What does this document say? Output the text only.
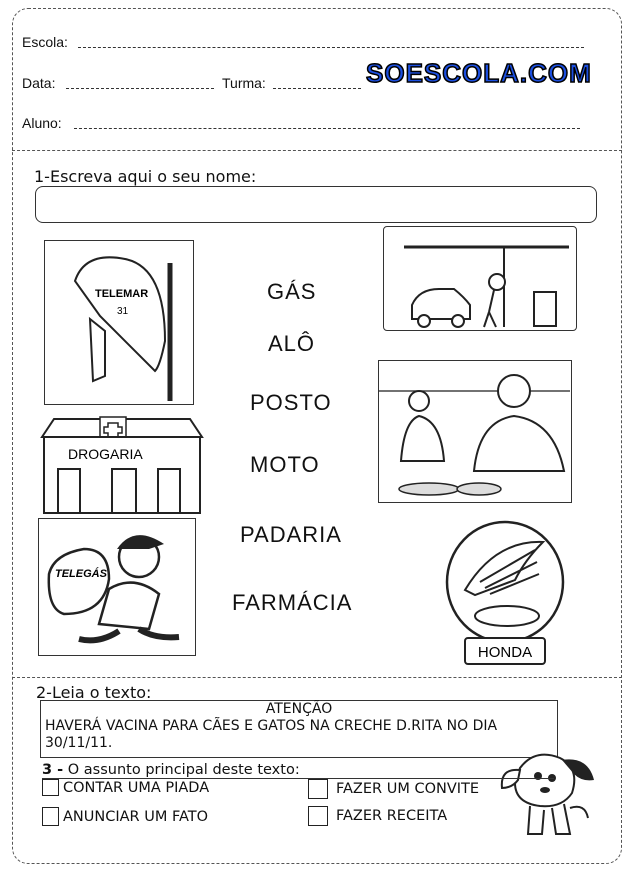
Escola:
Data:	Turma:	SOESCOLA.COM
Aluno:
1-Escreva aqui o seu nome:
TELEMAR
31
DROGARIA
TELEGÁS
HONDA
GÁS
ALÔ
POSTO
MOTO
PADARIA
FARMÁCIA
2-Leia o texto:
ATENÇÃO
HAVERÁ VACINA PARA CÃES E GATOS NA CRECHE D.RITA NO DIA 30/11/11.
3 - O assunto principal deste texto:
CONTAR UMA PIADA	FAZER UM CONVITE
ANUNCIAR UM FATO	FAZER RECEITA
